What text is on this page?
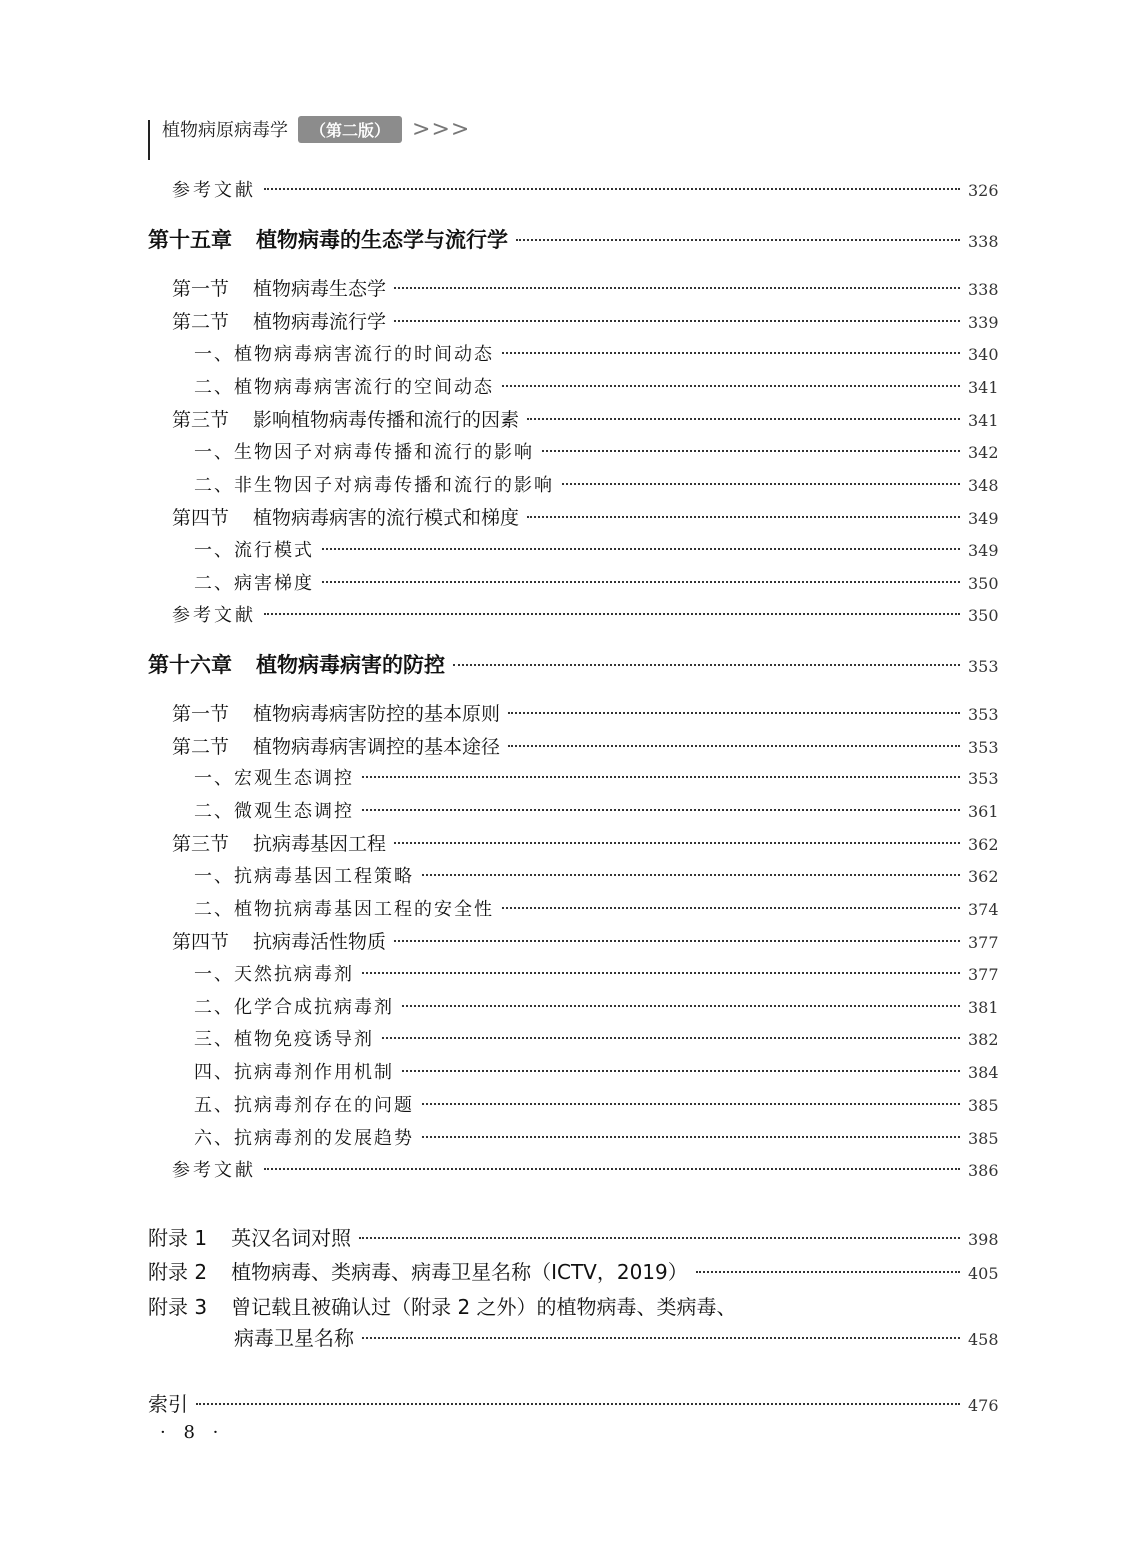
植物病原病毒学	（第二版）	>>>
参考文献	326
第十五章 植物病毒的生态学与流行学	338
第一节 植物病毒生态学	338
第二节 植物病毒流行学	339
一、植物病毒病害流行的时间动态	340
二、植物病毒病害流行的空间动态	341
第三节 影响植物病毒传播和流行的因素	341
一、生物因子对病毒传播和流行的影响	342
二、非生物因子对病毒传播和流行的影响	348
第四节 植物病毒病害的流行模式和梯度	349
一、流行模式	349
二、病害梯度	350
参考文献	350
第十六章 植物病毒病害的防控	353
第一节 植物病毒病害防控的基本原则	353
第二节 植物病毒病害调控的基本途径	353
一、宏观生态调控	353
二、微观生态调控	361
第三节 抗病毒基因工程	362
一、抗病毒基因工程策略	362
二、植物抗病毒基因工程的安全性	374
第四节 抗病毒活性物质	377
一、天然抗病毒剂	377
二、化学合成抗病毒剂	381
三、植物免疫诱导剂	382
四、抗病毒剂作用机制	384
五、抗病毒剂存在的问题	385
六、抗病毒剂的发展趋势	385
参考文献	386
附录 1 英汉名词对照	398
附录 2 植物病毒、类病毒、病毒卫星名称（ICTV，2019）	405
附录 3 曾记载且被确认过（附录 2 之外）的植物病毒、类病毒、
病毒卫星名称	458
索引	476
· 8 ·
